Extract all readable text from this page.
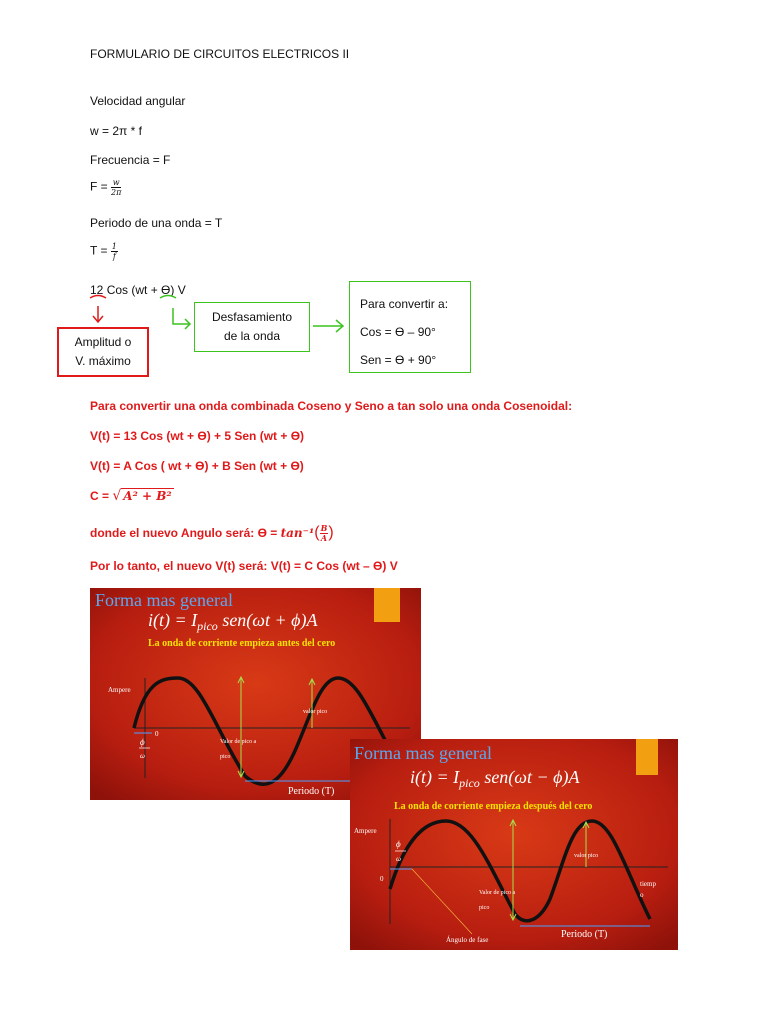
FORMULARIO DE CIRCUITOS ELECTRICOS II
Velocidad angular
w = 2π * f
Frecuencia = F
$F = \frac{w}{2\pi}$
Periodo de una onda = T
$T = \frac{1}{f}$
12 Cos (wt + ϴ) V
Amplitud o
V. máximo
Desfasamiento
de la onda
Para convertir a:
Cos = ϴ – 90°
Sen = ϴ + 90°
Para convertir una onda combinada Coseno y Seno a tan solo una onda Cosenoidal:
V(t) = 13 Cos (wt + ϴ) + 5 Sen (wt + ϴ)
V(t) = A Cos ( wt + ϴ) + B Sen (wt + ϴ)
C = √ A² + B²
donde el nuevo Angulo será: $ϴ = \tan^{-1}( \frac{B}{A}$ )
Por lo tanto, el nuevo V(t) será: V(t) = C Cos (wt – ϴ) V
Forma mas general
$i(t) = I_{pico}$ sen(ωt + ϕ)A
La onda de corriente empieza antes del cero
Ampere
0
valor pico
Valor de pico a
pico
ϕ
ω
Periodo (T)
Forma mas general
$i(t) = I_{pico}$ sen(ωt − ϕ)A
La onda de corriente empieza después del cero
Ampere
0
valor pico
Valor de pico a
pico
tiemp
o
ϕ
ω
Ángulo de fase	Periodo (T)
